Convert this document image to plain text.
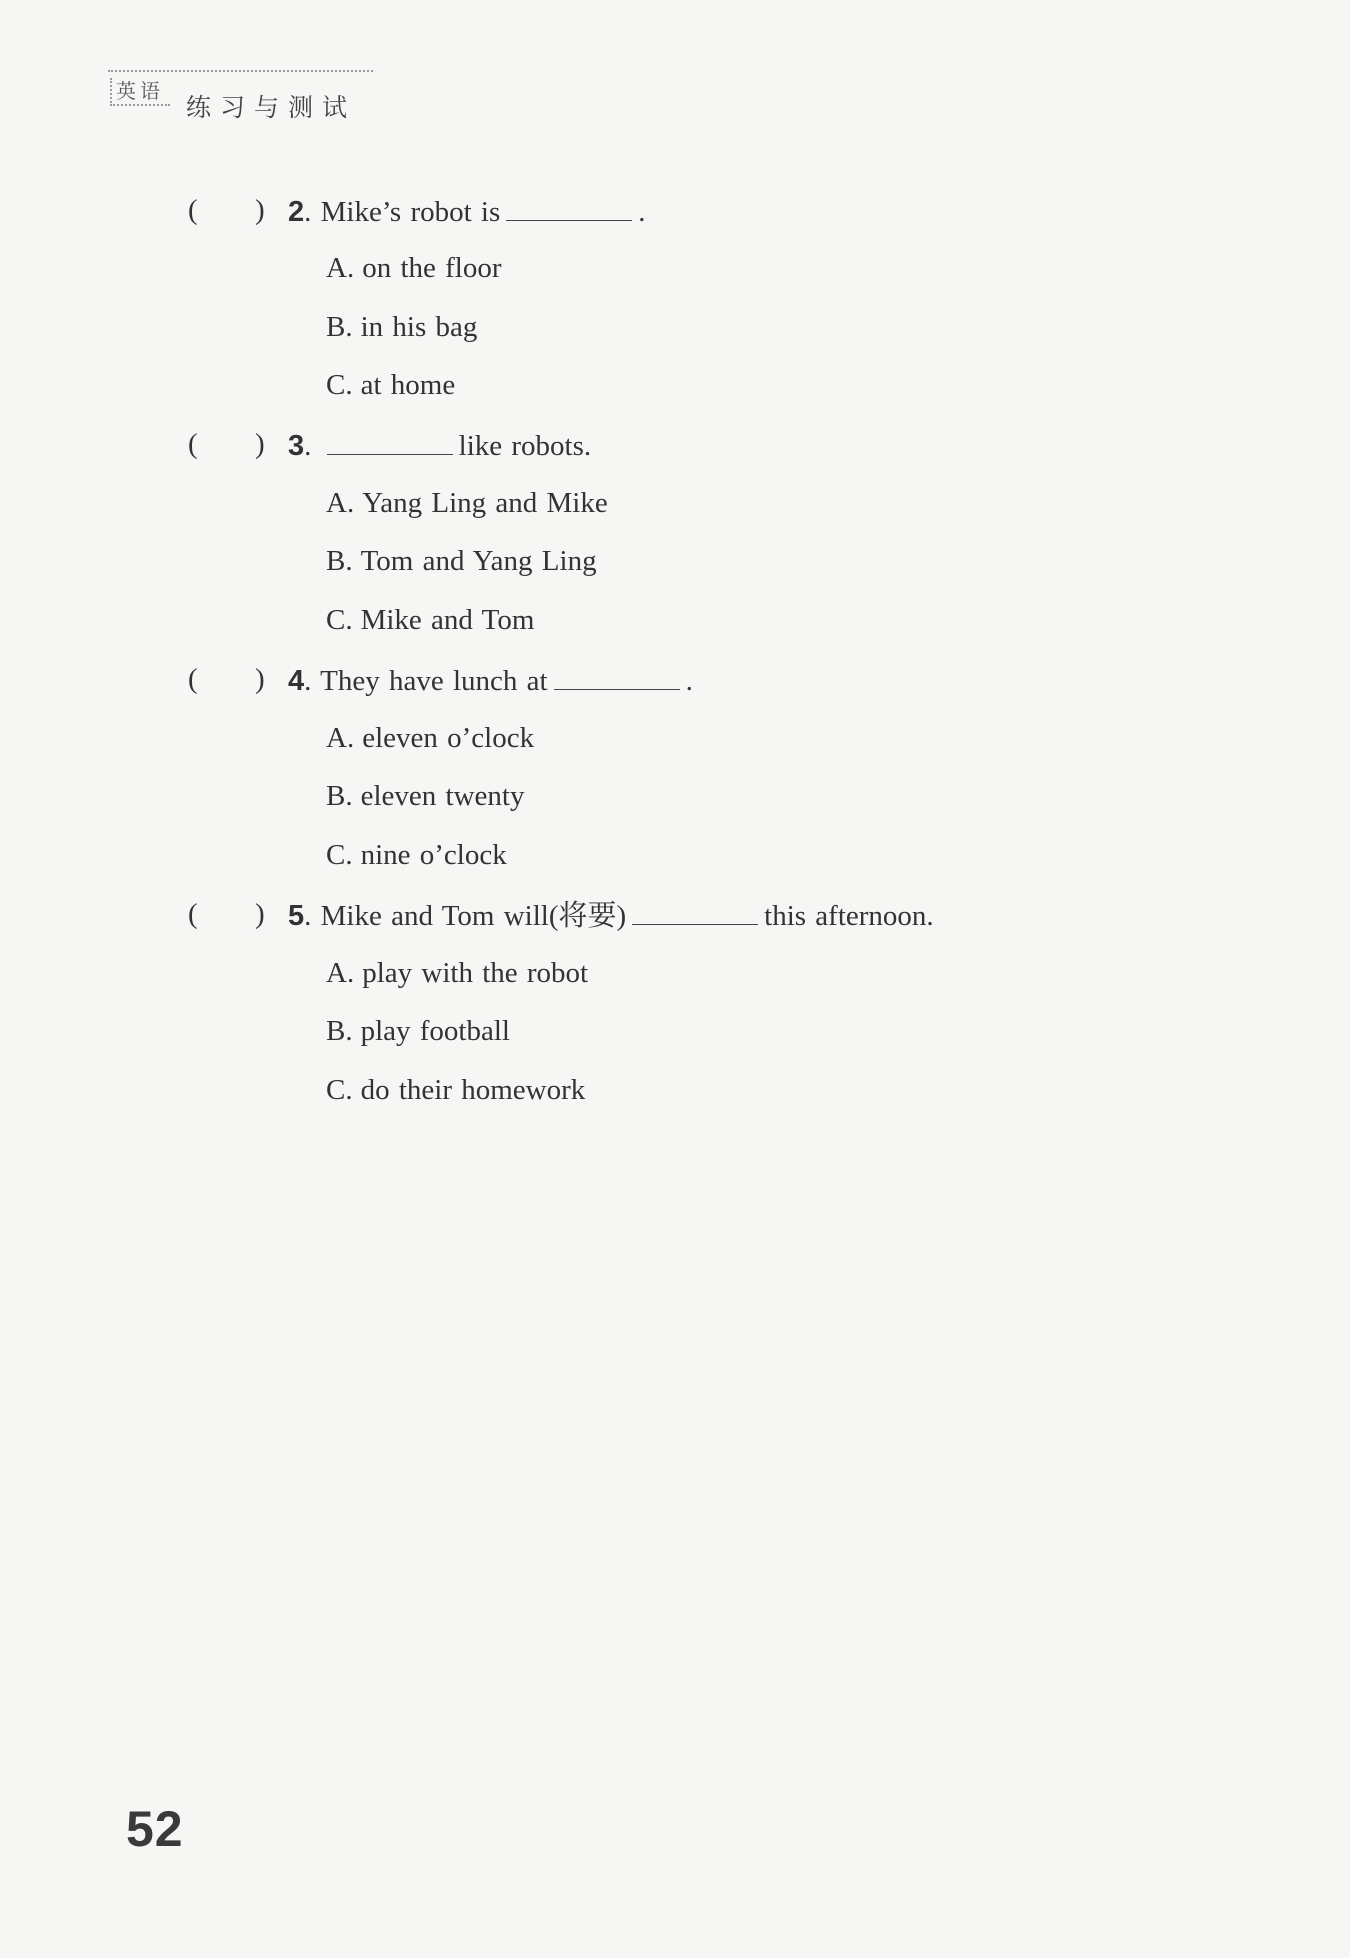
英语
练习与测试
( ) 2. Mike’s robot is	.
A. on the floor
B. in his bag
C. at home
( ) 3.	like robots.
A. Yang Ling and Mike
B. Tom and Yang Ling
C. Mike and Tom
( ) 4. They have lunch at	.
A. eleven o’clock
B. eleven twenty
C. nine o’clock
( ) 5. Mike and Tom will(将要)	this afternoon.
A. play with the robot
B. play football
C. do their homework
52
